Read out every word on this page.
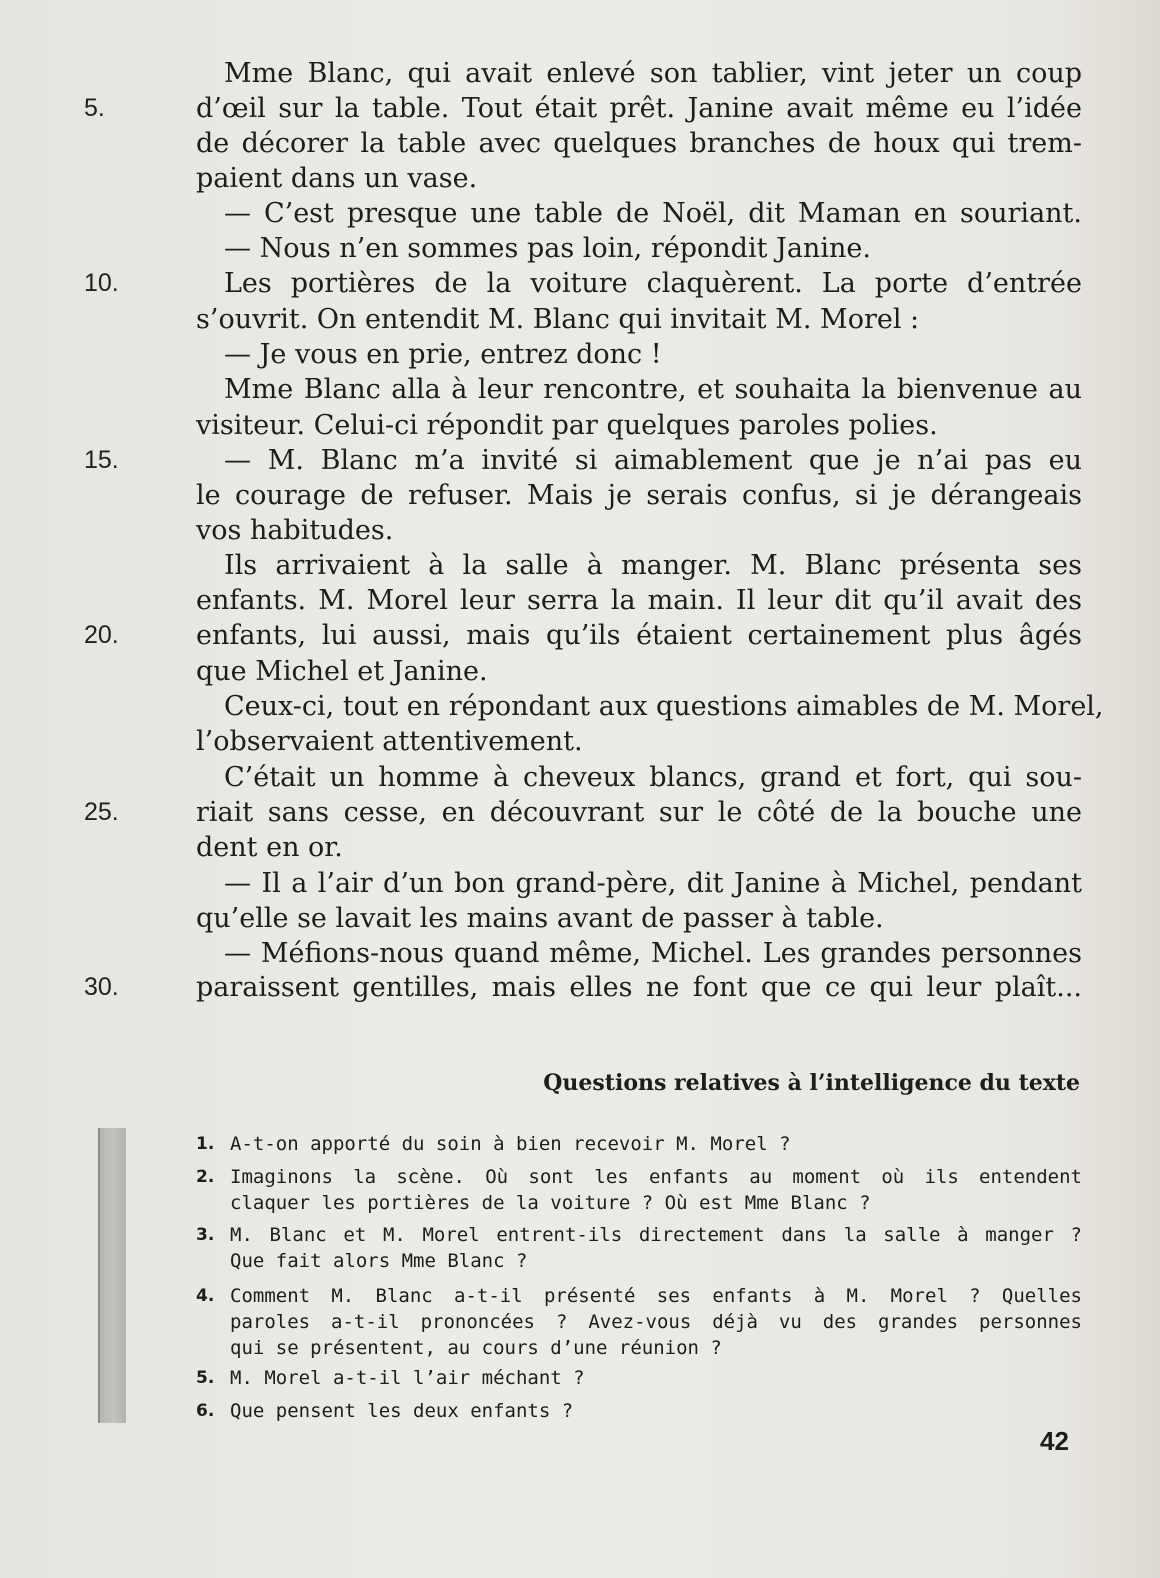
5.
10.
15.
20.
25.
30.
Mme Blanc, qui avait enlevé son tablier, vint jeter un coup
d’œil sur la table. Tout était prêt. Janine avait même eu l’idée
de décorer la table avec quelques branches de houx qui trem-
paient dans un vase.
— C’est presque une table de Noël, dit Maman en souriant.
— Nous n’en sommes pas loin, répondit Janine.
Les portières de la voiture claquèrent. La porte d’entrée
s’ouvrit. On entendit M. Blanc qui invitait M. Morel :
— Je vous en prie, entrez donc !
Mme Blanc alla à leur rencontre, et souhaita la bienvenue au
visiteur. Celui-ci répondit par quelques paroles polies.
— M. Blanc m’a invité si aimablement que je n’ai pas eu
le courage de refuser. Mais je serais confus, si je dérangeais
vos habitudes.
Ils arrivaient à la salle à manger. M. Blanc présenta ses
enfants. M. Morel leur serra la main. Il leur dit qu’il avait des
enfants, lui aussi, mais qu’ils étaient certainement plus âgés
que Michel et Janine.
Ceux-ci, tout en répondant aux questions aimables de M. Morel,
l’observaient attentivement.
C’était un homme à cheveux blancs, grand et fort, qui sou-
riait sans cesse, en découvrant sur le côté de la bouche une
dent en or.
— Il a l’air d’un bon grand-père, dit Janine à Michel, pendant
qu’elle se lavait les mains avant de passer à table.
— Méfions-nous quand même, Michel. Les grandes personnes
paraissent gentilles, mais elles ne font que ce qui leur plaît...
Questions relatives à l’intelligence du texte
1. A-t-on apporté du soin à bien recevoir M. Morel ?
2. Imaginons la scène. Où sont les enfants au moment où ils entendent
claquer les portières de la voiture ? Où est Mme Blanc ?
3. M. Blanc et M. Morel entrent-ils directement dans la salle à manger ?
Que fait alors Mme Blanc ?
4. Comment M. Blanc a-t-il présenté ses enfants à M. Morel ? Quelles
paroles a-t-il prononcées ? Avez-vous déjà vu des grandes personnes
qui se présentent, au cours d’une réunion ?
5. M. Morel a-t-il l’air méchant ?
6. Que pensent les deux enfants ?
42
